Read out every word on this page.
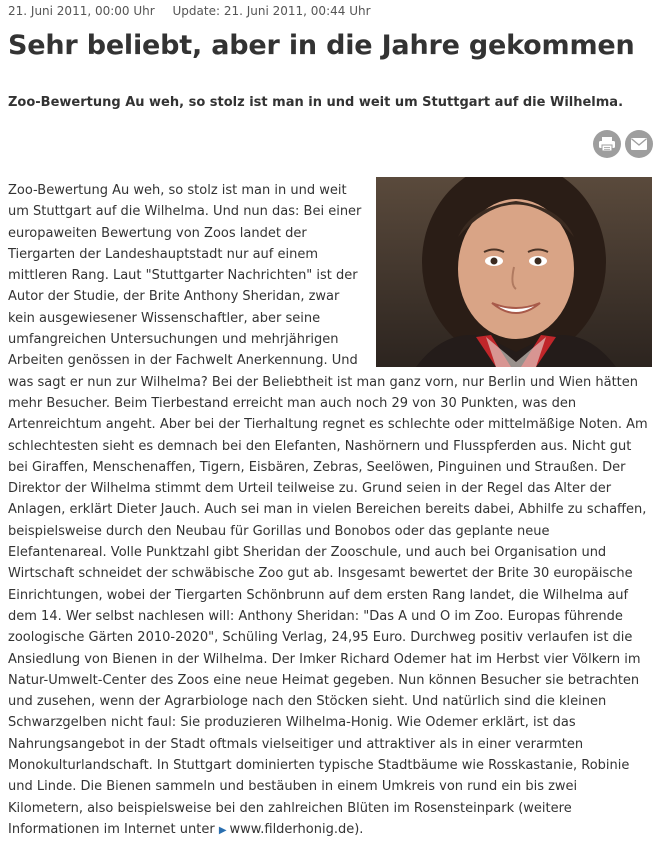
21. Juni 2011, 00:00 Uhr Update: 21. Juni 2011, 00:44 Uhr
Sehr beliebt, aber in die Jahre gekommen

Zoo-Bewertung Au weh, so stolz ist man in und weit um Stuttgart auf die Wilhelma.

Zoo-Bewertung Au weh, so stolz ist man in und weit um Stuttgart auf die Wilhelma. Und nun das: Bei einer europaweiten Bewertung von Zoos landet der Tiergarten der Landeshauptstadt nur auf einem mittleren Rang. Laut "Stuttgarter Nachrichten" ist der Autor der Studie, der Brite Anthony Sheridan, zwar kein ausgewiesener Wissenschaftler, aber seine umfangreichen Untersuchungen und mehrjährigen Arbeiten genössen in der Fachwelt Anerkennung. Und was sagt er nun zur Wilhelma? Bei der Beliebtheit ist man ganz vorn, nur Berlin und Wien hätten mehr Besucher. Beim Tierbestand erreicht man auch noch 29 von 30 Punkten, was den Artenreichtum angeht. Aber bei der Tierhaltung regnet es schlechte oder mittelmäßige Noten. Am schlechtesten sieht es demnach bei den Elefanten, Nashörnern und Flusspferden aus. Nicht gut bei Giraffen, Menschenaffen, Tigern, Eisbären, Zebras, Seelöwen, Pinguinen und Straußen. Der Direktor der Wilhelma stimmt dem Urteil teilweise zu. Grund seien in der Regel das Alter der Anlagen, erklärt Dieter Jauch. Auch sei man in vielen Bereichen bereits dabei, Abhilfe zu schaffen, beispielsweise durch den Neubau für Gorillas und Bonobos oder das geplante neue Elefantenareal. Volle Punktzahl gibt Sheridan der Zooschule, und auch bei Organisation und Wirtschaft schneidet der schwäbische Zoo gut ab. Insgesamt bewertet der Brite 30 europäische Einrichtungen, wobei der Tiergarten Schönbrunn auf dem ersten Rang landet, die Wilhelma auf dem 14. Wer selbst nachlesen will: Anthony Sheridan: "Das A und O im Zoo. Europas führende zoologische Gärten 2010-2020", Schüling Verlag, 24,95 Euro. Durchweg positiv verlaufen ist die Ansiedlung von Bienen in der Wilhelma. Der Imker Richard Odemer hat im Herbst vier Völkern im Natur-Umwelt-Center des Zoos eine neue Heimat gegeben. Nun können Besucher sie betrachten und zusehen, wenn der Agrarbiologe nach den Stöcken sieht. Und natürlich sind die kleinen Schwarzgelben nicht faul: Sie produzieren Wilhelma-Honig. Wie Odemer erklärt, ist das Nahrungsangebot in der Stadt oftmals vielseitiger und attraktiver als in einer verarmten Monokulturlandschaft. In Stuttgart dominierten typische Stadtbäume wie Rosskastanie, Robinie und Linde. Die Bienen sammeln und bestäuben in einem Umkreis von rund ein bis zwei Kilometern, also beispielsweise bei den zahlreichen Blüten im Rosensteinpark (weitere Informationen im Internet unter ▶ www.filderhonig.de).
